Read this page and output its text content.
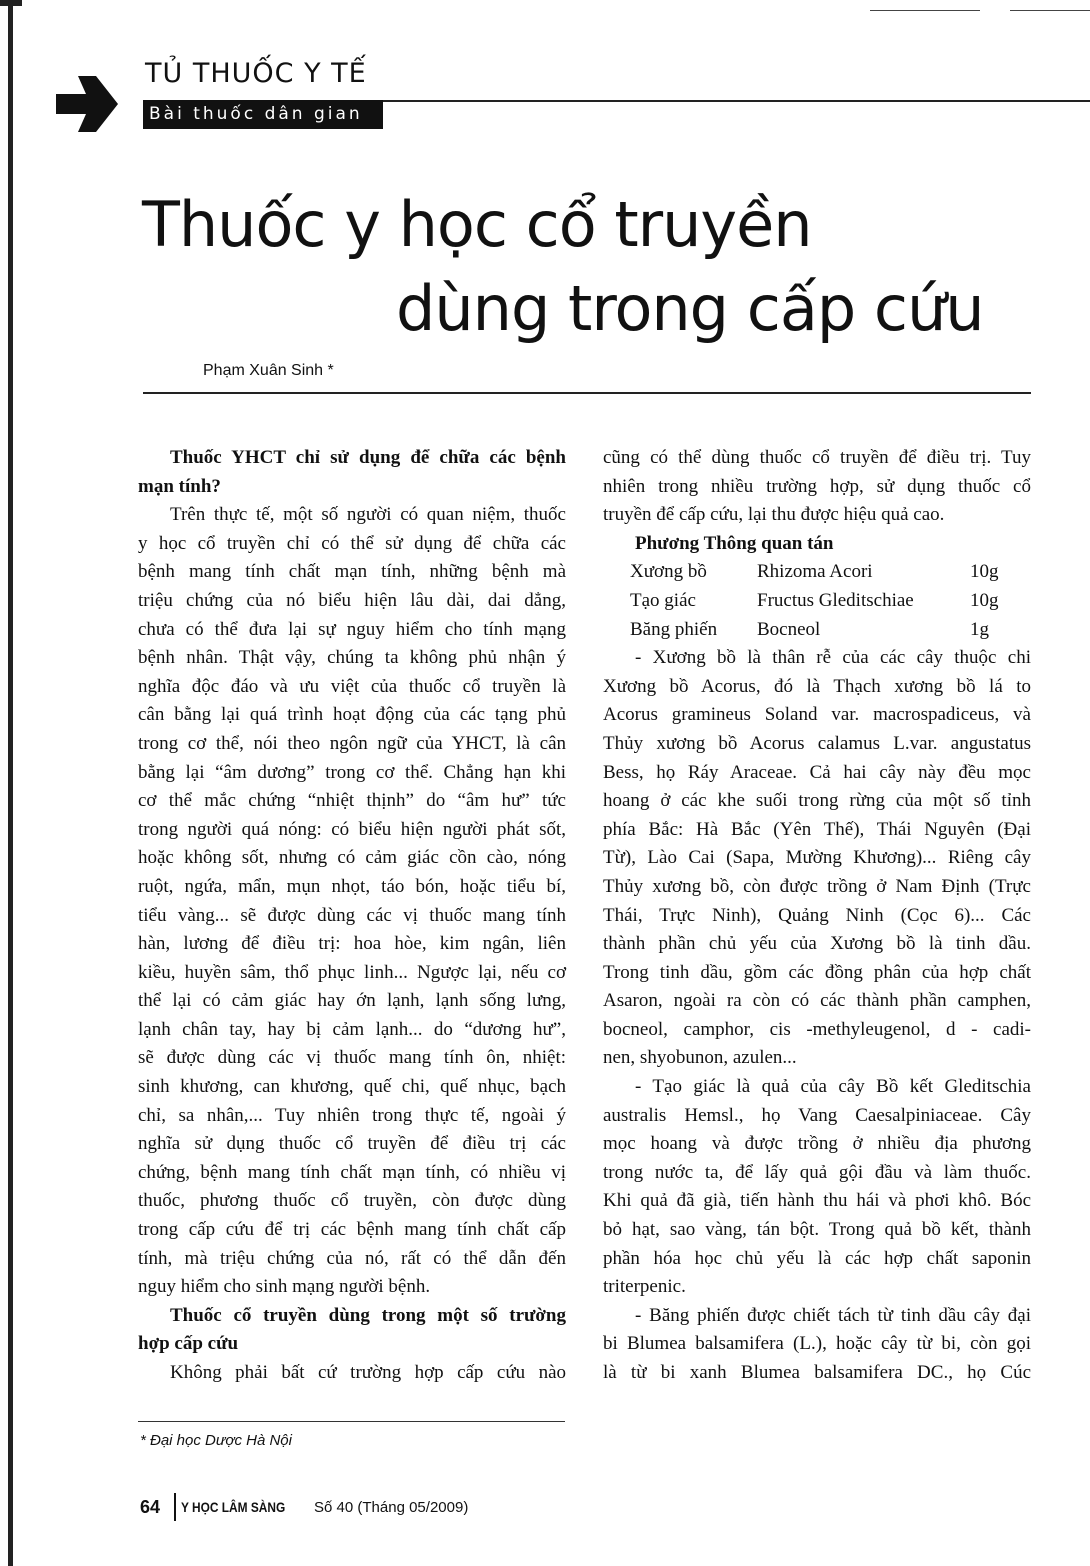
TỦ THUỐC Y TẾ
Bài thuốc dân gian
Thuốc y học cổ truyền
dùng trong cấp cứu
Phạm Xuân Sinh *
Thuốc YHCT chỉ sử dụng để chữa các bệnh
mạn tính?
Trên thực tế, một số người có quan niệm, thuốc
y học cổ truyền chỉ có thể sử dụng để chữa các
bệnh mang tính chất mạn tính, những bệnh mà
triệu chứng của nó biểu hiện lâu dài, dai dẳng,
chưa có thể đưa lại sự nguy hiểm cho tính mạng
bệnh nhân. Thật vậy, chúng ta không phủ nhận ý
nghĩa độc đáo và ưu việt của thuốc cổ truyền là
cân bằng lại quá trình hoạt động của các tạng phủ
trong cơ thể, nói theo ngôn ngữ của YHCT, là cân
bằng lại “âm dương” trong cơ thể. Chẳng hạn khi
cơ thể mắc chứng “nhiệt thịnh” do “âm hư” tức
trong người quá nóng: có biểu hiện người phát sốt,
hoặc không sốt, nhưng có cảm giác cồn cào, nóng
ruột, ngứa, mẩn, mụn nhọt, táo bón, hoặc tiểu bí,
tiểu vàng... sẽ được dùng các vị thuốc mang tính
hàn, lương để điều trị: hoa hòe, kim ngân, liên
kiều, huyền sâm, thổ phục linh... Ngược lại, nếu cơ
thể lại có cảm giác hay ớn lạnh, lạnh sống lưng,
lạnh chân tay, hay bị cảm lạnh... do “dương hư”,
sẽ được dùng các vị thuốc mang tính ôn, nhiệt:
sinh khương, can khương, quế chi, quế nhục, bạch
chỉ, sa nhân,... Tuy nhiên trong thực tế, ngoài ý
nghĩa sử dụng thuốc cổ truyền để điều trị các
chứng, bệnh mang tính chất mạn tính, có nhiều vị
thuốc, phương thuốc cổ truyền, còn được dùng
trong cấp cứu để trị các bệnh mang tính chất cấp
tính, mà triệu chứng của nó, rất có thể dẫn đến
nguy hiểm cho sinh mạng người bệnh.
Thuốc cổ truyền dùng trong một số trường
hợp cấp cứu
Không phải bất cứ trường hợp cấp cứu nào
cũng có thể dùng thuốc cổ truyền để điều trị. Tuy
nhiên trong nhiều trường hợp, sử dụng thuốc cổ
truyền để cấp cứu, lại thu được hiệu quả cao.
Phương Thông quan tán
Xương bồ	Rhizoma Acori	10g
Tạo giác	Fructus Gleditschiae	10g
Băng phiến	Bocneol	1g
- Xương bồ là thân rễ của các cây thuộc chi
Xương bồ Acorus, đó là Thạch xương bồ lá to
Acorus gramineus Soland var. macrospadiceus, và
Thủy xương bồ Acorus calamus L.var. angustatus
Bess, họ Ráy Araceae. Cả hai cây này đều mọc
hoang ở các khe suối trong rừng của một số tỉnh
phía Bắc: Hà Bắc (Yên Thế), Thái Nguyên (Đại
Từ), Lào Cai (Sapa, Mường Khương)... Riêng cây
Thủy xương bồ, còn được trồng ở Nam Định (Trực
Thái, Trực Ninh), Quảng Ninh (Cọc 6)... Các
thành phần chủ yếu của Xương bồ là tinh dầu.
Trong tinh dầu, gồm các đồng phân của hợp chất
Asaron, ngoài ra còn có các thành phần camphen,
bocneol, camphor, cis -methyleugenol, d - cadi-
nen, shyobunon, azulen...
- Tạo giác là quả của cây Bồ kết Gleditschia
australis Hemsl., họ Vang Caesalpiniaceae. Cây
mọc hoang và được trồng ở nhiều địa phương
trong nước ta, để lấy quả gội đầu và làm thuốc.
Khi quả đã già, tiến hành thu hái và phơi khô. Bóc
bỏ hạt, sao vàng, tán bột. Trong quả bồ kết, thành
phần hóa học chủ yếu là các hợp chất saponin
triterpenic.
- Băng phiến được chiết tách từ tinh dầu cây đại
bi Blumea balsamifera (L.), hoặc cây từ bi, còn gọi
là từ bi xanh Blumea balsamifera DC., họ Cúc
* Đại học Dược Hà Nội
64 Y HỌC LÂM SÀNG Số 40 (Tháng 05/2009)
